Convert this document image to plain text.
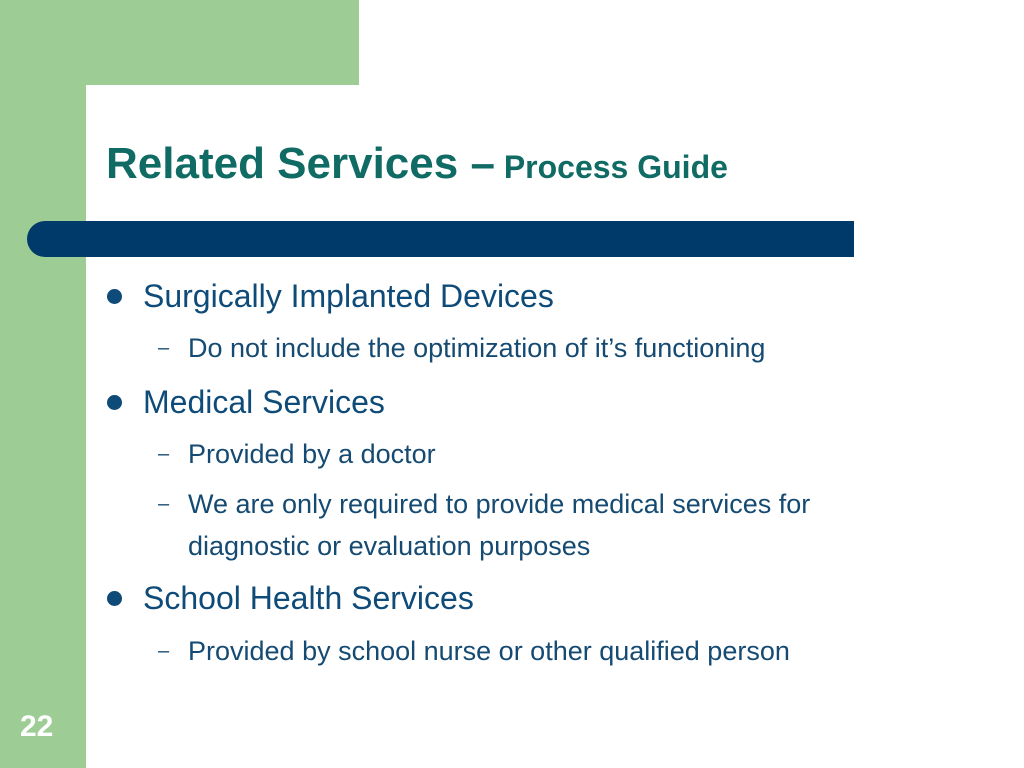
Related Services – Process Guide
Surgically Implanted Devices
– Do not include the optimization of it’s functioning
Medical Services
– Provided by a doctor
– We are only required to provide medical services for
diagnostic or evaluation purposes
School Health Services
– Provided by school nurse or other qualified person
22
